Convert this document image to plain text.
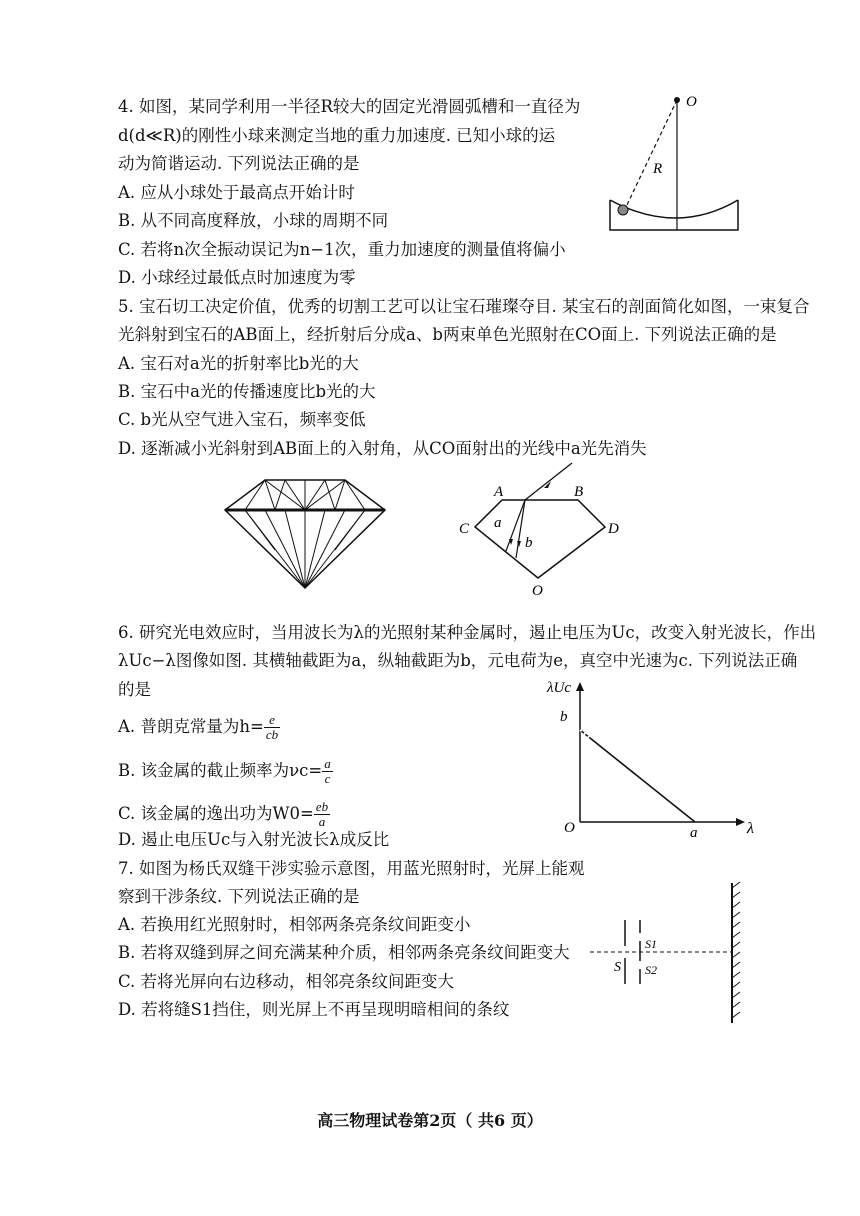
4. 如图，某同学利用一半径R较大的固定光滑圆弧槽和一直径为
d(d≪R)的刚性小球来测定当地的重力加速度. 已知小球的运
动为简谐运动. 下列说法正确的是
A. 应从小球处于最高点开始计时
B. 从不同高度释放，小球的周期不同
C. 若将n次全振动误记为n−1次，重力加速度的测量值将偏小
D. 小球经过最低点时加速度为零
O
R
5. 宝石切工决定价值，优秀的切割工艺可以让宝石璀璨夺目. 某宝石的剖面简化如图，一束复合
光斜射到宝石的AB面上，经折射后分成a、b两束单色光照射在CO面上. 下列说法正确的是
A. 宝石对a光的折射率比b光的大
B. 宝石中a光的传播速度比b光的大
C. b光从空气进入宝石，频率变低
D. 逐渐减小光斜射到AB面上的入射角，从CO面射出的光线中a光先消失
A	B
C	D
O
a
b
6. 研究光电效应时，当用波长为λ的光照射某种金属时，遏止电压为Uc，改变入射光波长，作出
λUc−λ图像如图. 其横轴截距为a，纵轴截距为b，元电荷为e，真空中光速为c. 下列说法正确
的是
A. 普朗克常量为$h= \frac{e}{cb}$
B. 该金属的截止频率为$\nu c= \frac{a}{c}$
C. 该金属的逸出功为$W0= \frac{eb}{a}$
D. 遏止电压Uc与入射光波长λ成反比
λUc
λ
O
b
a
7. 如图为杨氏双缝干涉实验示意图，用蓝光照射时，光屏上能观
察到干涉条纹. 下列说法正确的是
A. 若换用红光照射时，相邻两条亮条纹间距变小
B. 若将双缝到屏之间充满某种介质，相邻两条亮条纹间距变大
C. 若将光屏向右边移动，相邻亮条纹间距变大
D. 若将缝S1挡住，则光屏上不再呈现明暗相间的条纹
S
S1
S2
高三物理试卷第2页（ 共6 页）
